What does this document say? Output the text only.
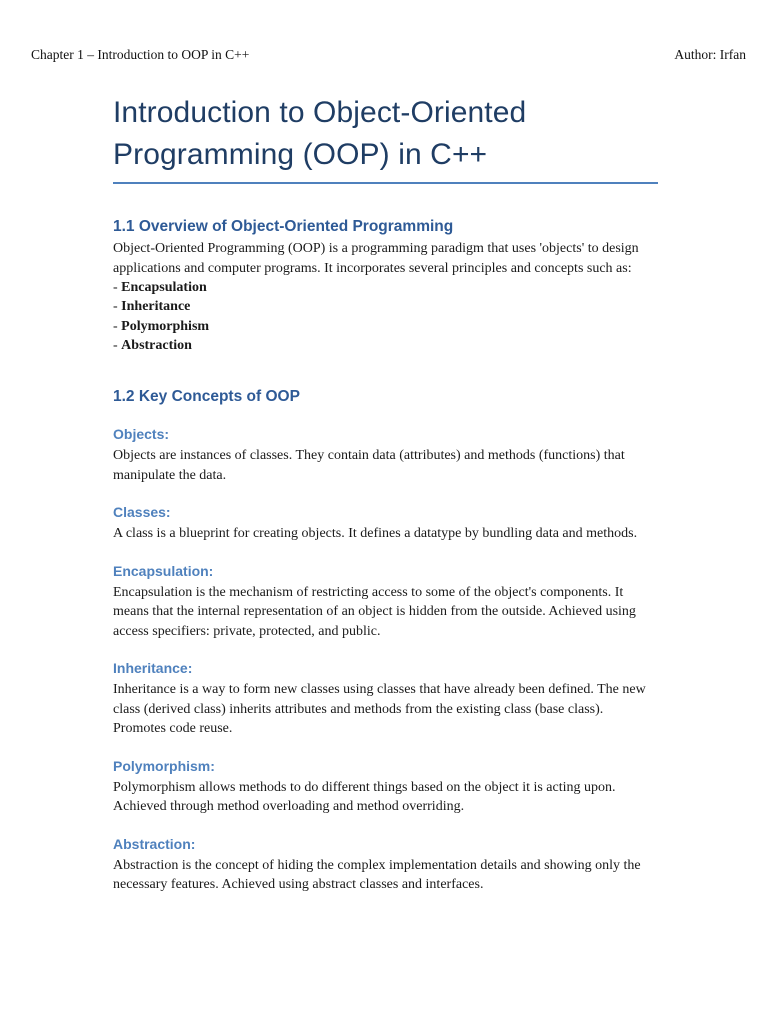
Chapter 1 – Introduction to OOP in C++	Author: Irfan
Introduction to Object-Oriented Programming (OOP) in C++
1.1 Overview of Object-Oriented Programming

Object-Oriented Programming (OOP) is a programming paradigm that uses 'objects' to design applications and computer programs. It incorporates several principles and concepts such as:

- Encapsulation
- Inheritance
- Polymorphism
- Abstraction
1.2 Key Concepts of OOP
Objects:

Objects are instances of classes. They contain data (attributes) and methods (functions) that manipulate the data.

Classes:

A class is a blueprint for creating objects. It defines a datatype by bundling data and methods.

Encapsulation:

Encapsulation is the mechanism of restricting access to some of the object's components. It means that the internal representation of an object is hidden from the outside. Achieved using access specifiers: private, protected, and public.

Inheritance:

Inheritance is a way to form new classes using classes that have already been defined. The new class (derived class) inherits attributes and methods from the existing class (base class). Promotes code reuse.

Polymorphism:

Polymorphism allows methods to do different things based on the object it is acting upon. Achieved through method overloading and method overriding.

Abstraction:

Abstraction is the concept of hiding the complex implementation details and showing only the necessary features. Achieved using abstract classes and interfaces.
